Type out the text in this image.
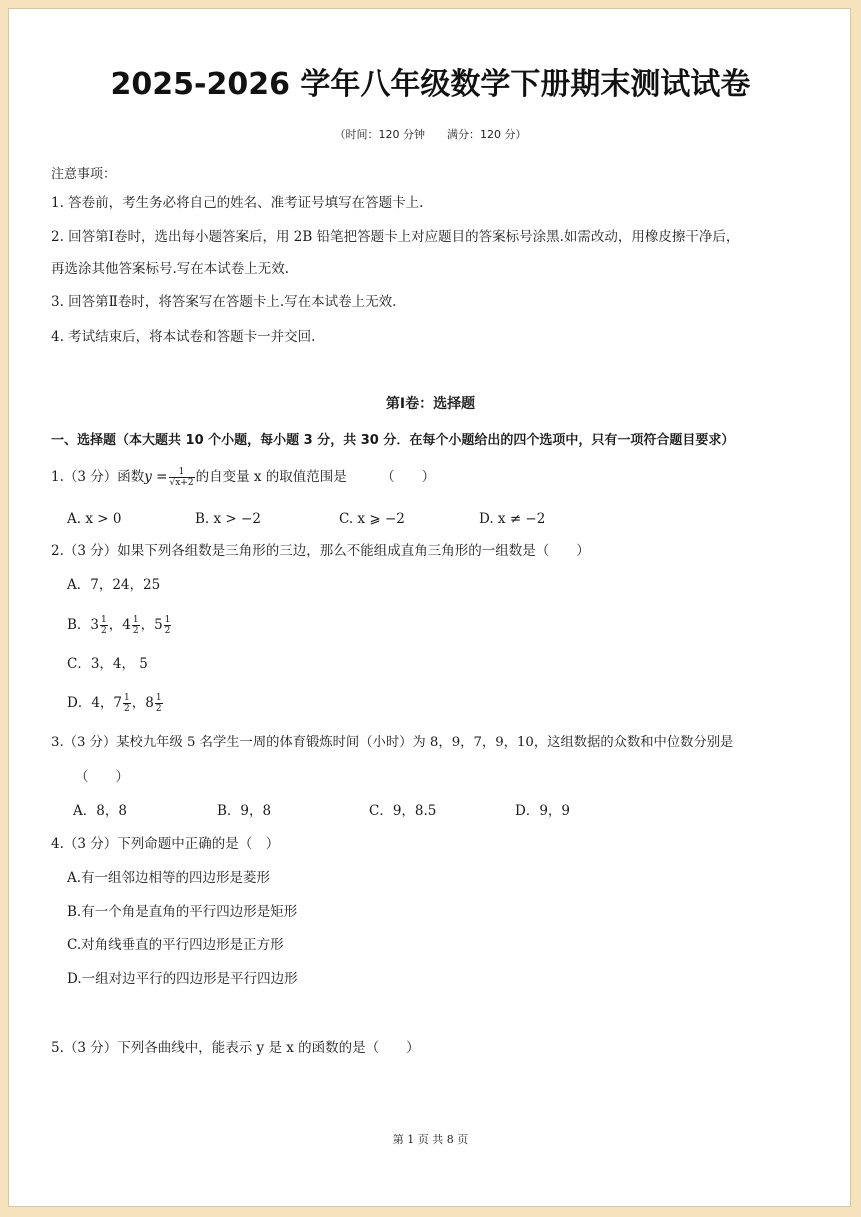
2025-2026 学年八年级数学下册期末测试试卷
（时间：120 分钟　　满分：120 分）
注意事项：
1. 答卷前，考生务必将自己的姓名、准考证号填写在答题卡上.
2. 回答第Ⅰ卷时，选出每小题答案后，用 2B 铅笔把答题卡上对应题目的答案标号涂黑.如需改动，用橡皮擦干净后，
再选涂其他答案标号.写在本试卷上无效.
3. 回答第Ⅱ卷时，将答案写在答题卡上.写在本试卷上无效.
4. 考试结束后，将本试卷和答题卡一并交回.
第Ⅰ卷：选择题
一、选择题（本大题共 10 个小题，每小题 3 分，共 30 分．在每个小题给出的四个选项中，只有一项符合题目要求）
1.（3 分）函数$y = \frac{1}{√x+2}$ 的自变量 x 的取值范围是	（　　）
A. x > 0	B. x > −2	C. x ⩾ −2	D. x ≠ −2
2.（3 分）如果下列各组数是三角形的三边，那么不能组成直角三角形的一组数是（　　）
A．7，24，25
B．$3 \frac{1}{2}$ ，$4 \frac{1}{2}$ ，$5 \frac{1}{2}$
C．3，4， 5
D．4，$7 \frac{1}{2}$ ，$8 \frac{1}{2}$
3.（3 分）某校九年级 5 名学生一周的体育锻炼时间（小时）为 8，9，7，9，10，这组数据的众数和中位数分别是
（　　）
A．8，8	B．9，8	C．9，8.5	D．9，9
4.（3 分）下列命题中正确的是（　）
A.有一组邻边相等的四边形是菱形
B.有一个角是直角的平行四边形是矩形
C.对角线垂直的平行四边形是正方形
D.一组对边平行的四边形是平行四边形
5.（3 分）下列各曲线中，能表示 y 是 x 的函数的是（　　）
第 1 页 共 8 页
